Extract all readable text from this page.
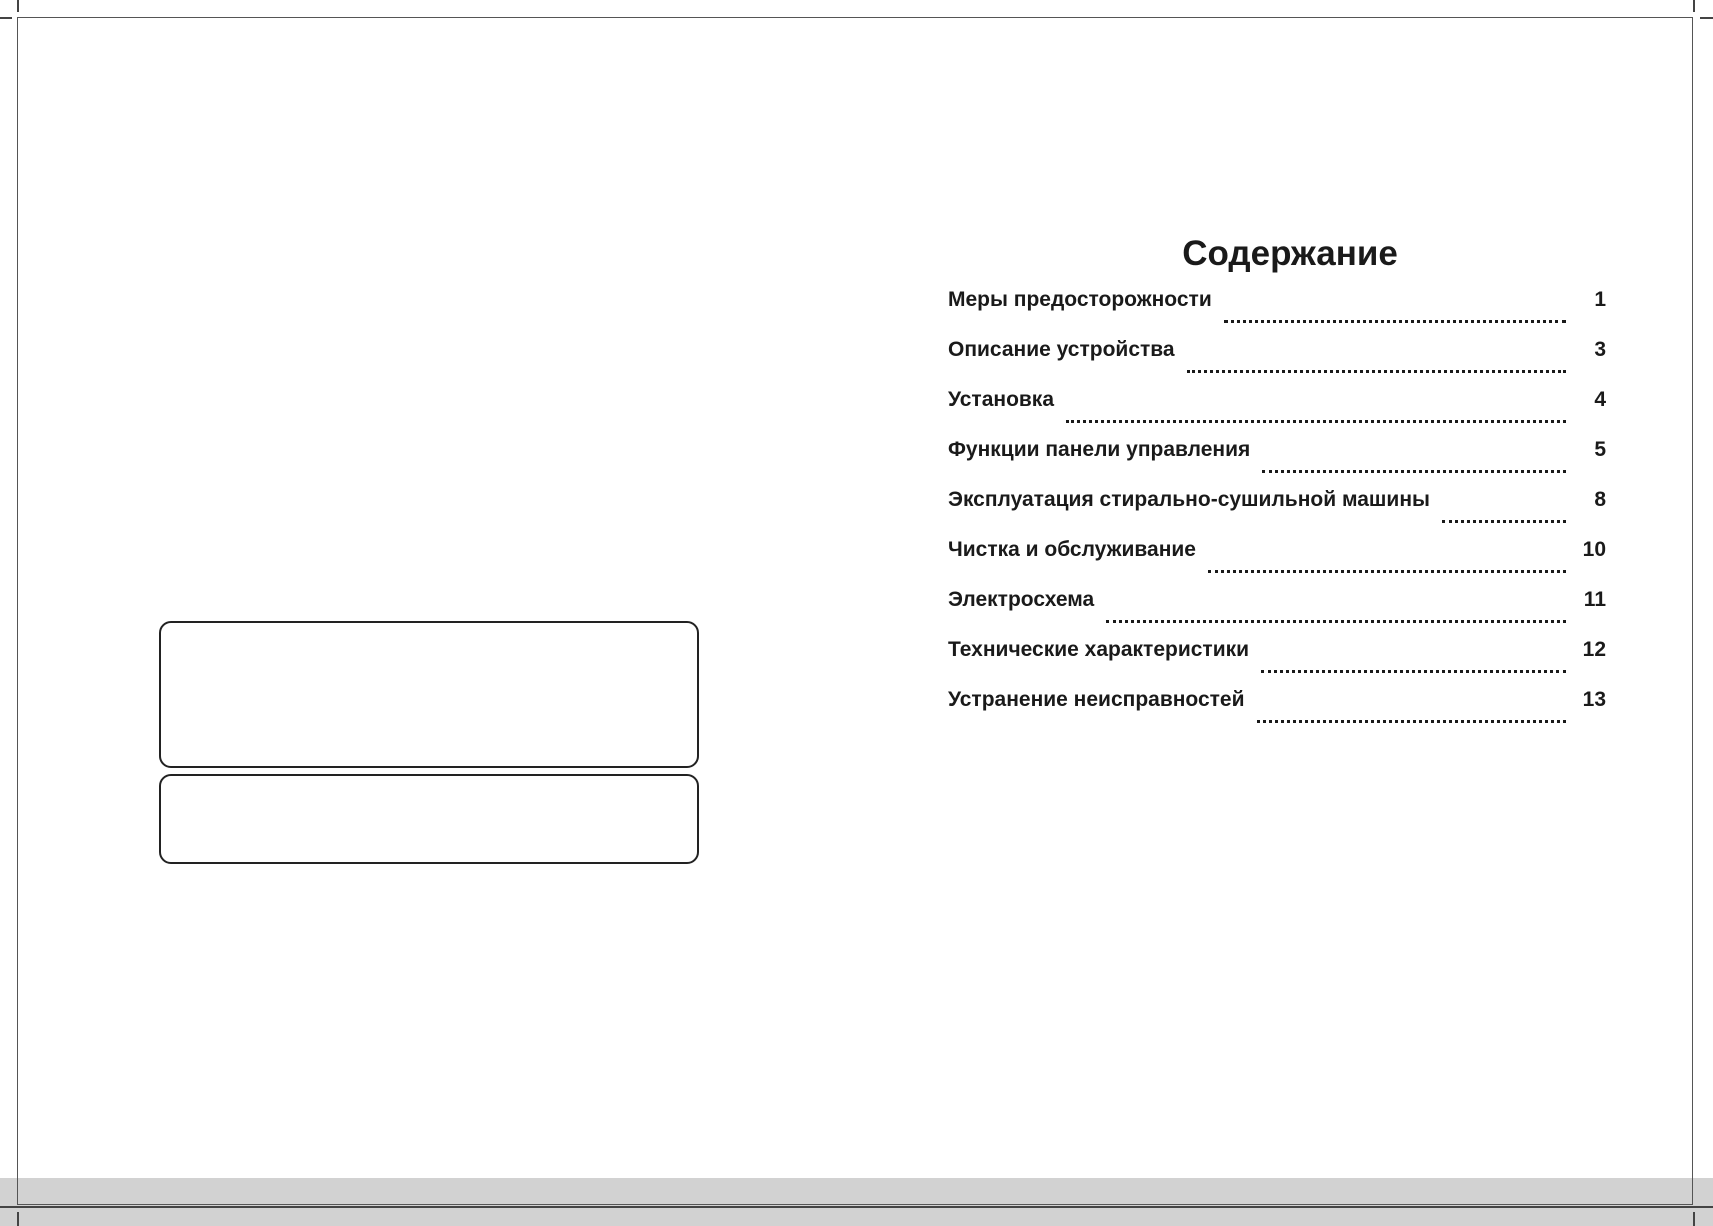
Содержание
Меры предосторожности	1
Описание устройства	3
Установка	4
Функции панели управления	5
Эксплуатация стирально-сушильной машины	8
Чистка и обслуживание	10
Электросхема	11
Технические характеристики	12
Устранение неисправностей	13
